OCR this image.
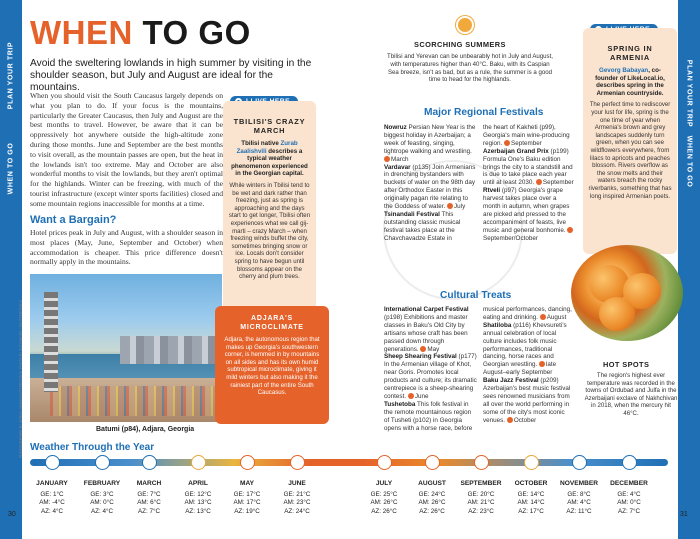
PLAN YOUR TRIP
WHEN TO GO
PLAN YOUR TRIP
WHEN TO GO
WHEN TO GO
Avoid the sweltering lowlands in high summer by visiting in the shoulder season, but July and August are ideal for the mountains.
When you should visit the South Caucasus largely depends on what you plan to do. If your focus is the mountains, particularly the Greater Caucasus, then July and August are the best months to travel. However, be aware that it can be oppressively hot anywhere outside the high-altitude zone during those months. June and September are the best months to visit overall, as the mountain passes are open, but the heat in the lowlands isn't too extreme. May and October are also wonderful months to visit the lowlands, but they aren't optimal for the highlands. Winter can be freezing, with much of the tourist infrastructure (except winter sports facilities) closed and some mountain regions inaccessible for months at a time.
Want a Bargain?
Hotel prices peak in July and August, with a shoulder season in most places (May, June, September and October) when accommodation is cheaper. This price difference doesn't normally apply in the mountains.
PHOTOGRAPHED BY ADRIAN ADAM/SHUTTERSTOCK. PHOTO BY ALEXANDER / SHUTTERSTOCK	Batumi (p84), Adjara, Georgia
TBILISI'S CRAZY MARCH
Tbilisi native Zurab Zaalishvili describes a typical weather phenomenon experienced in the Georgian capital.
While winters in Tbilisi tend to be wet and dark rather than freezing, just as spring is approaching and the days start to get longer, Tbilisi often experiences what we call gij-marti – crazy March – when freezing winds buffet the city, sometimes bringing snow or ice. Locals don't consider spring to have begun until blossoms appear on the cherry and plum trees.
ADJARA'S MICROCLIMATE
Adjara, the autonomous region that makes up Georgia's southwestern corner, is hemmed in by mountains on all sides and has its own humid subtropical microclimate, giving it mild winters but also making it the rainiest part of the entire South Caucasus.
SCORCHING SUMMERS
Tbilisi and Yerevan can be unbearably hot in July and August, with temperatures higher than 40°C. Baku, with its Caspian Sea breeze, isn't as bad, but as a rule, the summer is a good time to head for the highlands.
Major Regional Festivals
Nowruz Persian New Year is the biggest holiday in Azerbaijan; a week of feasting, singing, tightrope walking and wrestling. March
Vardavar (p135) Join Armenians in drenching bystanders with buckets of water on the 98th day after Orthodox Easter in this originally pagan rite relating to the Goddess of water. July
Tsinandali Festival This outstanding classic musical festival takes place at the Chavchavadze Estate in
the heart of Kakheti (p99), Georgia's main wine-producing region. September
Azerbaijan Grand Prix (p199) Formula One's Baku edition brings the city to a standstill and is due to take place each year until at least 2030. September
Rtveli (p97) Georgia's grape harvest takes place over a month in autumn, when grapes are picked and pressed to the accompaniment of feasts, live music and general bonhomie. September/October
Cultural Treats
International Carpet Festival (p198) Exhibitions and master classes in Baku's Old City by artisans whose craft has been passed down through generations. May
Sheep Shearing Festival (p177) In the Armenian village of Khot, near Goris. Promotes local products and culture; its dramatic centrepiece is a sheep-shearing contest. June
Tushetoba This folk festival in the remote mountainous region of Tusheti (p102) in Georgia opens with a horse race, before
musical performances, dancing, eating and drinking. August
Shatiloba (p116) Khevsureti's annual celebration of local culture includes folk music performances, traditional dancing, horse races and Georgian wrestling. late August–early September
Baku Jazz Festival (p209) Azerbaijan's best music festival sees renowned musicians from all over the world performing in some of the city's most iconic venues. October
SPRING IN ARMENIA
Gevorg Babayan, co-founder of LikeLocal.io, describes spring in the Armenian countryside.
The perfect time to rediscover your lust for life, spring is the one time of year when Armenia's brown and grey landscapes suddenly turn green, when you can see wildflowers everywhere, from lilacs to apricots and peaches blossom. Rivers overflow as the snow melts and their waters breach the rocky riverbanks, something that has long inspired Armenian poets.
HOT SPOTS
The region's highest ever temperature was recorded in the towns of Ordubad and Julfa in the Azerbaijani exclave of Nakhchivan in 2018, when the mercury hit 46°C.
Weather Through the Year
JANUARY
GE: 1°C
AM: -4°C
AZ: 4°C
FEBRUARY
GE: 3°C
AM: 0°C
AZ: 4°C
MARCH
GE: 7°C
AM: 6°C
AZ: 7°C
APRIL
GE: 12°C
AM: 13°C
AZ: 13°C
MAY
GE: 17°C
AM: 17°C
AZ: 19°C
JUNE
GE: 21°C
AM: 23°C
AZ: 24°C
JULY
GE: 25°C
AM: 26°C
AZ: 26°C
AUGUST
GE: 24°C
AM: 26°C
AZ: 26°C
SEPTEMBER
GE: 20°C
AM: 21°C
AZ: 23°C
OCTOBER
GE: 14°C
AM: 14°C
AZ: 17°C
NOVEMBER
GE: 8°C
AM: 4°C
AZ: 11°C
DECEMBER
GE: 4°C
AM: 0°C
AZ: 7°C
30	31
